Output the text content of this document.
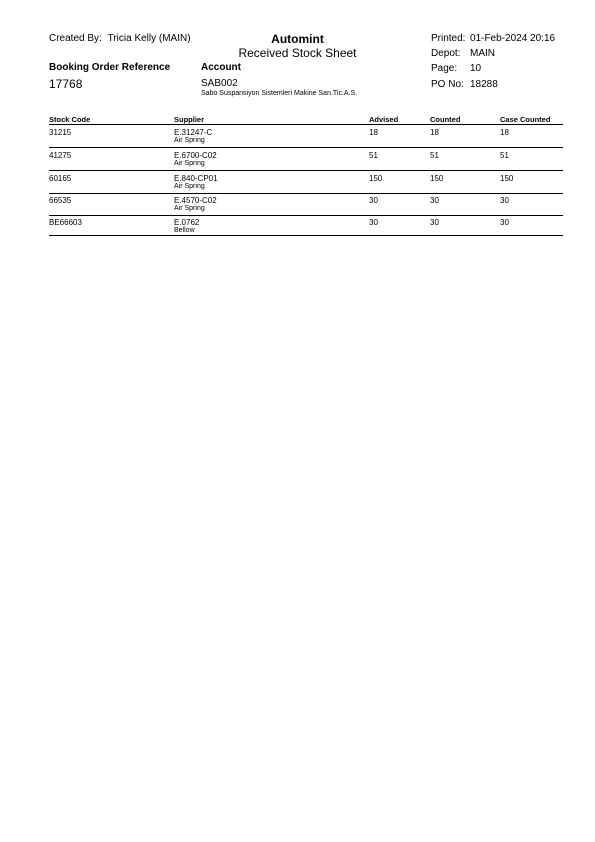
Created By: Tricia Kelly (MAIN)	Automint
Received Stock Sheet
Printed: 01-Feb-2024 20:16
Depot: MAIN
Page: 10
PO No: 18288
Booking Order Reference
17768
Account
SAB002
Sabo Suspansiyon Sistemleri Makine San.Tic.A.S.
Stock Code	Supplier	Advised	Counted	Case Counted
31215	E.31247-C
Air Spring
18	18	18
41275	E.6700-C02
Air Spring
51	51	51
60165	E.840-CP01
Air Spring
150	150	150
66535	E.4570-C02
Air Spring
30	30	30
BE66603	E.0762
Bellow
30	30	30
